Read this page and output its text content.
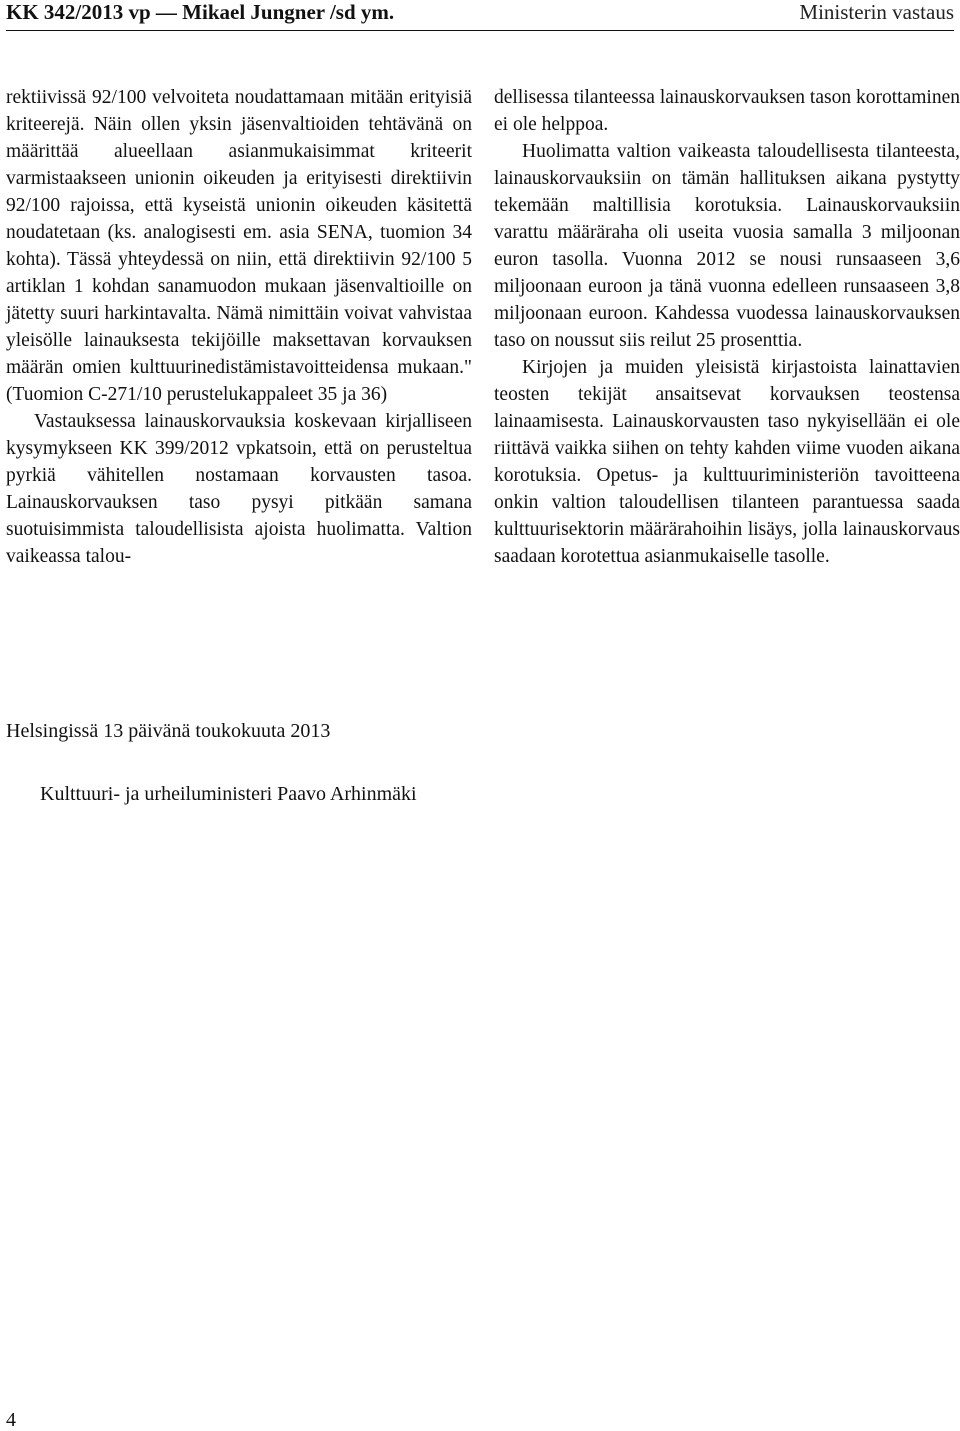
KK 342/2013 vp — Mikael Jungner /sd ym.	Ministerin vastaus

rektiivissä 92/100 velvoiteta noudattamaan mitään erityisiä kriteerejä. Näin ollen yksin jäsenvaltioiden tehtävänä on määrittää alueellaan asianmukaisimmat kriteerit varmistaakseen unionin oikeuden ja erityisesti direktiivin 92/100 rajoissa, että kyseistä unionin oikeuden käsitettä noudatetaan (ks. analogisesti em. asia SENA, tuomion 34 kohta). Tässä yhteydessä on niin, että direktiivin 92/100 5 artiklan 1 kohdan sanamuodon mukaan jäsenvaltioille on jätetty suuri harkintavalta. Nämä nimittäin voivat vahvistaa yleisölle lainauksesta tekijöille maksettavan korvauksen määrän omien kulttuurinedistämistavoitteidensa mukaan." (Tuomion C-271/10 perustelukappaleet 35 ja 36)

Vastauksessa lainauskorvauksia koskevaan kirjalliseen kysymykseen KK 399/2012 vpkatsoin, että on perusteltua pyrkiä vähitellen nostamaan korvausten tasoa. Lainauskorvauksen taso pysyi pitkään samana suotuisimmista taloudellisista ajoista huolimatta. Valtion vaikeassa talou-

dellisessa tilanteessa lainauskorvauksen tason korottaminen ei ole helppoa.

Huolimatta valtion vaikeasta taloudellisesta tilanteesta, lainauskorvauksiin on tämän hallituksen aikana pystytty tekemään maltillisia korotuksia. Lainauskorvauksiin varattu määräraha oli useita vuosia samalla 3 miljoonan euron tasolla. Vuonna 2012 se nousi runsaaseen 3,6 miljoonaan euroon ja tänä vuonna edelleen runsaaseen 3,8 miljoonaan euroon. Kahdessa vuodessa lainauskorvauksen taso on noussut siis reilut 25 prosenttia.

Kirjojen ja muiden yleisistä kirjastoista lainattavien teosten tekijät ansaitsevat korvauksen teostensa lainaamisesta. Lainauskorvausten taso nykyisellään ei ole riittävä vaikka siihen on tehty kahden viime vuoden aikana korotuksia. Opetus- ja kulttuuriministeriön tavoitteena onkin valtion taloudellisen tilanteen parantuessa saada kulttuurisektorin määrärahoihin lisäys, jolla lainauskorvaus saadaan korotettua asianmukaiselle tasolle.

Helsingissä 13 päivänä toukokuuta 2013
Kulttuuri- ja urheiluministeri Paavo Arhinmäki
4
